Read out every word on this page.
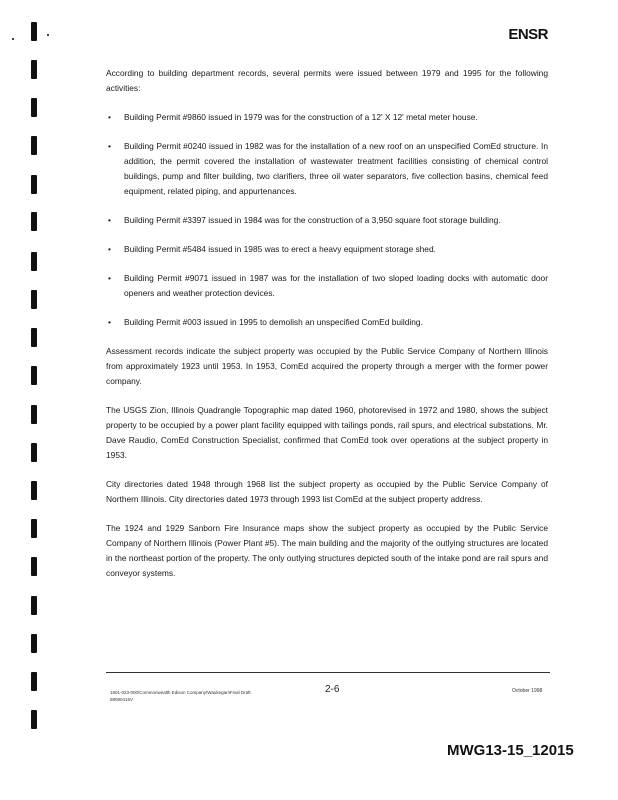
ENSR

According to building department records, several permits were issued between 1979 and 1995 for the following activities:

• Building Permit #9860 issued in 1979 was for the construction of a 12' X 12' metal meter house.
• Building Permit #0240 issued in 1982 was for the installation of a new roof on an unspecified ComEd structure. In addition, the permit covered the installation of wastewater treatment facilities consisting of chemical control buildings, pump and filter building, two clarifiers, three oil water separators, five collection basins, chemical feed equipment, related piping, and appurtenances.
• Building Permit #3397 issued in 1984 was for the construction of a 3,950 square foot storage building.
• Building Permit #5484 issued in 1985 was to erect a heavy equipment storage shed.
• Building Permit #9071 issued in 1987 was for the installation of two sloped loading docks with automatic door openers and weather protection devices.
• Building Permit #003 issued in 1995 to demolish an unspecified ComEd building.

Assessment records indicate the subject property was occupied by the Public Service Company of Northern Illinois from approximately 1923 until 1953. In 1953, ComEd acquired the property through a merger with the former power company.

The USGS Zion, Illinois Quadrangle Topographic map dated 1960, photorevised in 1972 and 1980, shows the subject property to be occupied by a power plant facility equipped with tailings ponds, rail spurs, and electrical substations. Mr. Dave Raudio, ComEd Construction Specialist, confirmed that ComEd took over operations at the subject property in 1953.

City directories dated 1948 through 1968 list the subject property as occupied by the Public Service Company of Northern Illinois. City directories dated 1973 through 1993 list ComEd at the subject property address.

The 1924 and 1929 Sanborn Fire Insurance maps show the subject property as occupied by the Public Service Company of Northern Illinois (Power Plant #5). The main building and the majority of the outlying structures are located in the northeast portion of the property. The only outlying structures depicted south of the intake pond are rail spurs and conveyor systems.

1801-023-000\Commonwealth Edison Company\Waukegan\Final Draft
98080415V
2-6	October 1998
MWG13-15_12015
